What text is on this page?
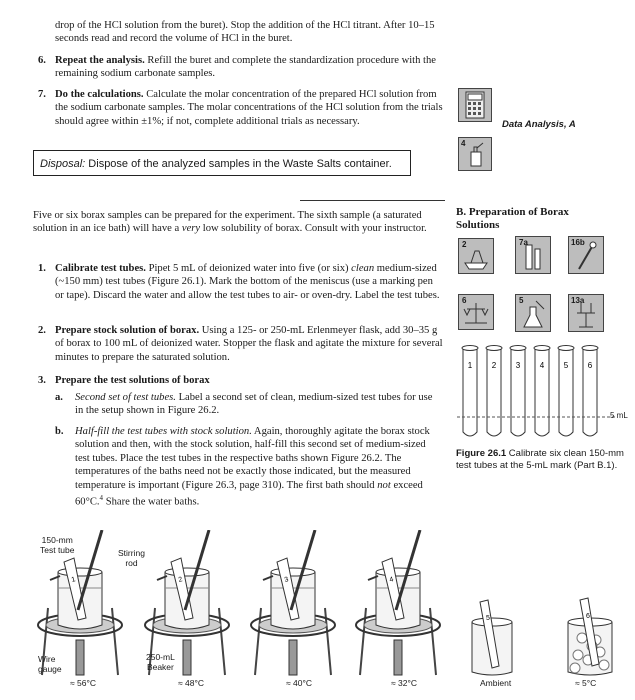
drop of the HCl solution from the buret). Stop the addition of the HCl titrant. After 10–15 seconds read and record the volume of HCl in the buret.
6. Repeat the analysis. Refill the buret and complete the standardization procedure with the remaining sodium carbonate samples.
7. Do the calculations. Calculate the molar concentration of the prepared HCl solution from the sodium carbonate samples. The molar concentrations of the HCl solution from the trials should agree within ±1%; if not, complete additional trials as necessary.
Disposal: Dispose of the analyzed samples in the Waste Salts container.
Data Analysis, A
4
B. Preparation of Borax Solutions
Five or six borax samples can be prepared for the experiment. The sixth sample (a saturated solution in an ice bath) will have a very low solubility of borax. Consult with your instructor.
1. Calibrate test tubes. Pipet 5 mL of deionized water into five (or six) clean medium-sized (~150 mm) test tubes (Figure 26.1). Mark the bottom of the meniscus (use a marking pen or tape). Discard the water and allow the test tubes to air- or oven-dry. Label the test tubes.
2. Prepare stock solution of borax. Using a 125- or 250-mL Erlenmeyer flask, add 30–35 g of borax to 100 mL of deionized water. Stopper the flask and agitate the mixture for several minutes to prepare the saturated solution.
3. Prepare the test solutions of borax
a.	Second set of test tubes. Label a second set of clean, medium-sized test tubes for use in the setup shown in Figure 26.2.
b.	Half-fill the test tubes with stock solution. Again, thoroughly agitate the borax stock solution and then, with the stock solution, half-fill this second set of medium-sized test tubes. Place the test tubes in the respective baths shown Figure 26.2. The temperatures of the baths need not be exactly those indicated, but the measured temperature is important (Figure 26.3, page 310). The first bath should not exceed 60°C.$^4$ Share the water baths.
2	7a	16b
6	5	13a
1 2 3 4 5 6
5 mL
Figure 26.1 Calibrate six clean 150-mm test tubes at the 5-mL mark (Part B.1).
1	2	3	4
5	6
150-mm
Test tube	Stirring
rod
Wire
gauge
250-mL
Beaker
≈ 56°C	≈ 48°C	≈ 40°C	≈ 32°C	Ambient	≈ 5°C
